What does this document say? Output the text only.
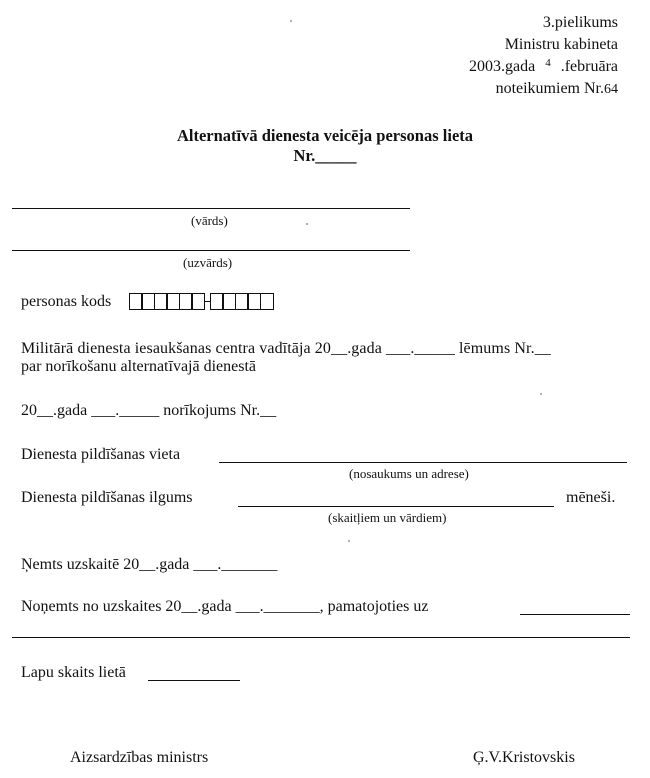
3.pielikums
Ministru kabineta
2003.gada $^4$ .februāra
noteikumiem Nr.64
Alternatīvā dienesta veicēja personas lieta
Nr._____
(vārds)
(uzvārds)
personas kods
Militārā dienesta iesaukšanas centra vadītāja 20__.gada ___._____ lēmums Nr.__
par norīkošanu alternatīvajā dienestā
20__.gada ___._____ norīkojums Nr.__
Dienesta pildīšanas vieta
(nosaukums un adrese)
Dienesta pildīšanas ilgums	mēneši.
(skaitļiem un vārdiem)
Ņemts uzskaitē 20__.gada ___._______
Noņemts no uzskaites 20__.gada ___._______, pamatojoties uz
Lapu skaits lietā
Aizsardzības ministrs	Ģ.V.Kristovskis
